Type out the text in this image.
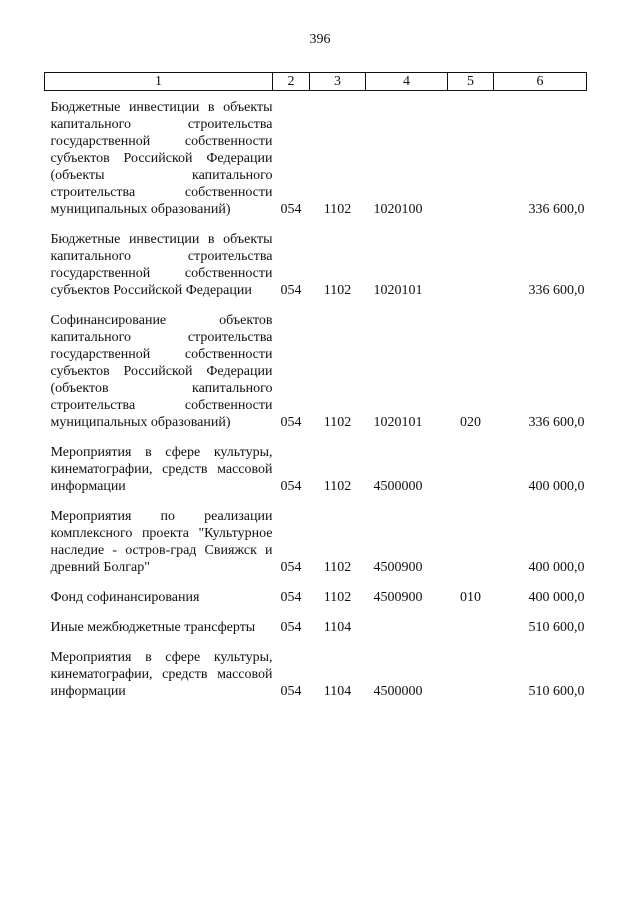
396
1	2	3	4	5	6

Бюджетные инвестиции в объекты капитального строительства государственной собственности субъектов Российской Федерации (объекты капитального строительства собственности муниципальных образований)	054	1102	1020100		336 600,0

Бюджетные инвестиции в объекты капитального строительства государственной собственности субъектов Российской Федерации	054	1102	1020101		336 600,0

Софинансирование объектов капитального строительства государственной собственности субъектов Российской Федерации (объектов капитального строительства собственности муниципальных образований)	054	1102	1020101	020	336 600,0

Мероприятия в сфере культуры, кинематографии, средств массовой информации	054	1102	4500000		400 000,0

Мероприятия по реализации комплексного проекта "Культурное наследие - остров-град Свияжск и древний Болгар"	054	1102	4500900		400 000,0

Фонд софинансирования	054	1102	4500900	010	400 000,0

Иные межбюджетные трансферты	054	1104			510 600,0

Мероприятия в сфере культуры, кинематографии, средств массовой информации	054	1104	4500000		510 600,0
